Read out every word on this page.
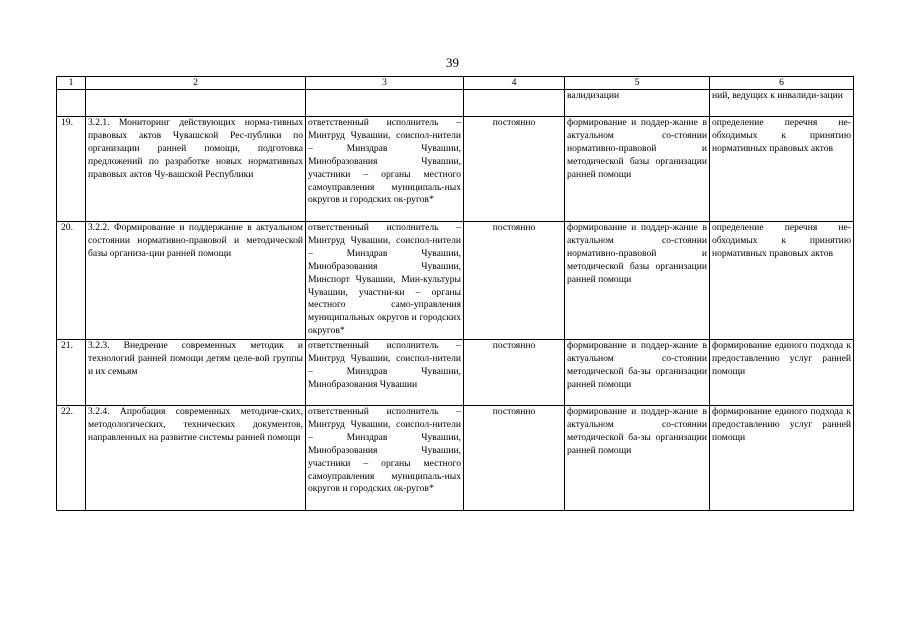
39
1	2	3	4	5	6
				валидизации	ний, ведущих к инвалиди-зации
19.	3.2.1. Мониторинг действующих норма-тивных правовых актов Чувашской Рес-публики по организации ранней помощи, подготовка предложений по разработке новых нормативных правовых актов Чу-вашской Республики	ответственный исполнитель – Минтруд Чувашии, соиспол-нители – Минздрав Чувашии, Минобразования Чувашии, участники – органы местного самоуправления муниципаль-ных округов и городских ок-ругов*	постоянно	формирование и поддер-жание в актуальном со-стоянии нормативно-правовой и методической базы организации ранней помощи	определение перечня не-обходимых к принятию нормативных правовых актов
20.	3.2.2. Формирование и поддержание в актуальном состоянии нормативно-правовой и методической базы организа-ции ранней помощи	ответственный исполнитель – Минтруд Чувашии, соиспол-нители – Минздрав Чувашии, Минобразования Чувашии, Минспорт Чувашии, Мин-культуры Чувашии, участни-ки – органы местного само-управления муниципальных округов и городских округов*	постоянно	формирование и поддер-жание в актуальном со-стоянии нормативно-правовой и методической базы организации ранней помощи	определение перечня не-обходимых к принятию нормативных правовых актов
21.	3.2.3. Внедрение современных методик и технологий ранней помощи детям целе-вой группы и их семьям	ответственный исполнитель – Минтруд Чувашии, соиспол-нители – Минздрав Чувашии, Минобразования Чувашии	постоянно	формирование и поддер-жание в актуальном со-стоянии методической ба-зы организации ранней помощи	формирование единого подхода к предоставлению услуг ранней помощи
22.	3.2.4. Апробация современных методиче-ских, методологических, технических документов, направленных на развитие системы ранней помощи	ответственный исполнитель – Минтруд Чувашии, соиспол-нители – Минздрав Чувашии, Минобразования Чувашии, участники – органы местного самоуправления муниципаль-ных округов и городских ок-ругов*	постоянно	формирование и поддер-жание в актуальном со-стоянии методической ба-зы организации ранней помощи	формирование единого подхода к предоставлению услуг ранней помощи
